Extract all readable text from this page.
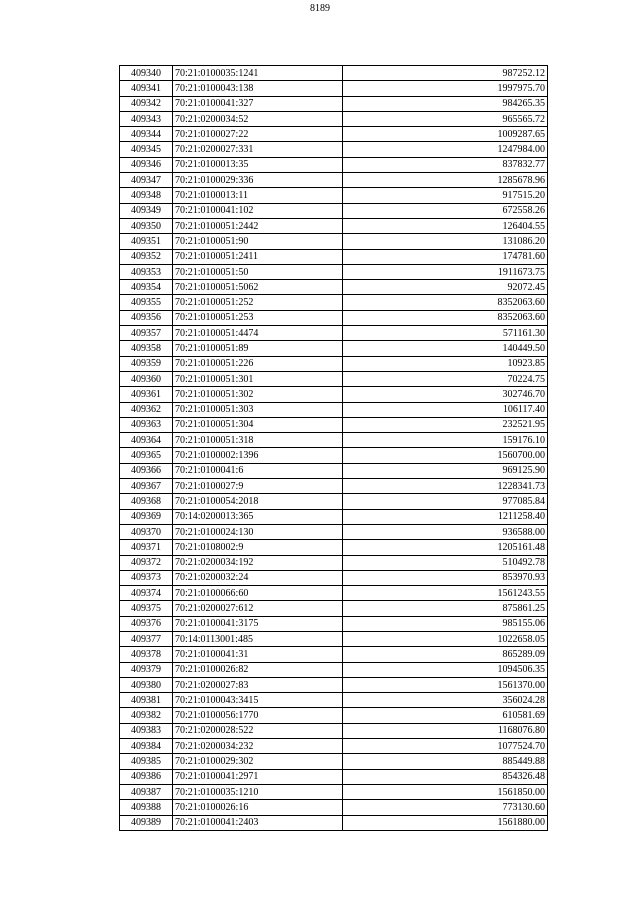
8189
409340	70:21:0100035:1241	987252.12
409341	70:21:0100043:138	1997975.70
409342	70:21:0100041:327	984265.35
409343	70:21:0200034:52	965565.72
409344	70:21:0100027:22	1009287.65
409345	70:21:0200027:331	1247984.00
409346	70:21:0100013:35	837832.77
409347	70:21:0100029:336	1285678.96
409348	70:21:0100013:11	917515.20
409349	70:21:0100041:102	672558.26
409350	70:21:0100051:2442	126404.55
409351	70:21:0100051:90	131086.20
409352	70:21:0100051:2411	174781.60
409353	70:21:0100051:50	1911673.75
409354	70:21:0100051:5062	92072.45
409355	70:21:0100051:252	8352063.60
409356	70:21:0100051:253	8352063.60
409357	70:21:0100051:4474	571161.30
409358	70:21:0100051:89	140449.50
409359	70:21:0100051:226	10923.85
409360	70:21:0100051:301	70224.75
409361	70:21:0100051:302	302746.70
409362	70:21:0100051:303	106117.40
409363	70:21:0100051:304	232521.95
409364	70:21:0100051:318	159176.10
409365	70:21:0100002:1396	1560700.00
409366	70:21:0100041:6	969125.90
409367	70:21:0100027:9	1228341.73
409368	70:21:0100054:2018	977085.84
409369	70:14:0200013:365	1211258.40
409370	70:21:0100024:130	936588.00
409371	70:21:0108002:9	1205161.48
409372	70:21:0200034:192	510492.78
409373	70:21:0200032:24	853970.93
409374	70:21:0100066:60	1561243.55
409375	70:21:0200027:612	875861.25
409376	70:21:0100041:3175	985155.06
409377	70:14:0113001:485	1022658.05
409378	70:21:0100041:31	865289.09
409379	70:21:0100026:82	1094506.35
409380	70:21:0200027:83	1561370.00
409381	70:21:0100043:3415	356024.28
409382	70:21:0100056:1770	610581.69
409383	70:21:0200028:522	1168076.80
409384	70:21:0200034:232	1077524.70
409385	70:21:0100029:302	885449.88
409386	70:21:0100041:2971	854326.48
409387	70:21:0100035:1210	1561850.00
409388	70:21:0100026:16	773130.60
409389	70:21:0100041:2403	1561880.00
